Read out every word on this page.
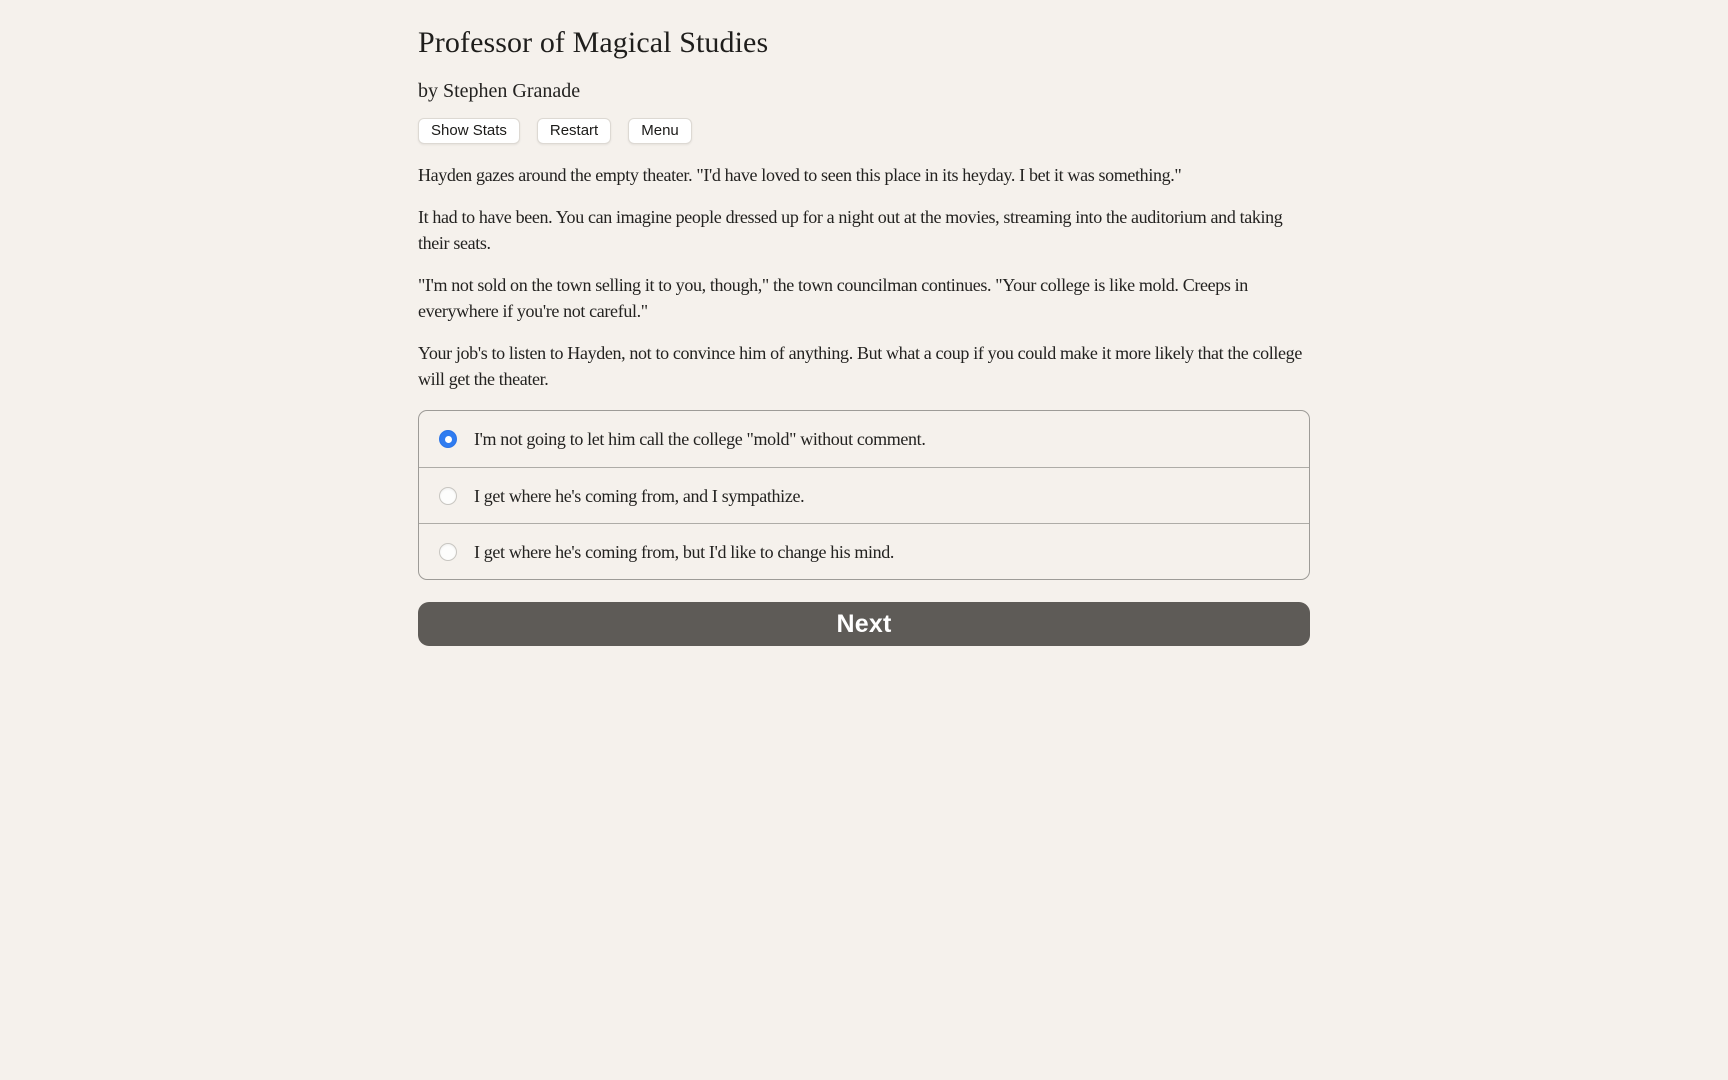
Professor of Magical Studies
by Stephen Granade
Show Stats	Restart	Menu

Hayden gazes around the empty theater. "I'd have loved to seen this place in its heyday. I bet it was something."

It had to have been. You can imagine people dressed up for a night out at the movies, streaming into the auditorium and taking their seats.

"I'm not sold on the town selling it to you, though," the town councilman continues. "Your college is like mold. Creeps in everywhere if you're not careful."

Your job's to listen to Hayden, not to convince him of anything. But what a coup if you could make it more likely that the college will get the theater.

I'm not going to let him call the college "mold" without comment.
I get where he's coming from, and I sympathize.
I get where he's coming from, but I'd like to change his mind.
Next
